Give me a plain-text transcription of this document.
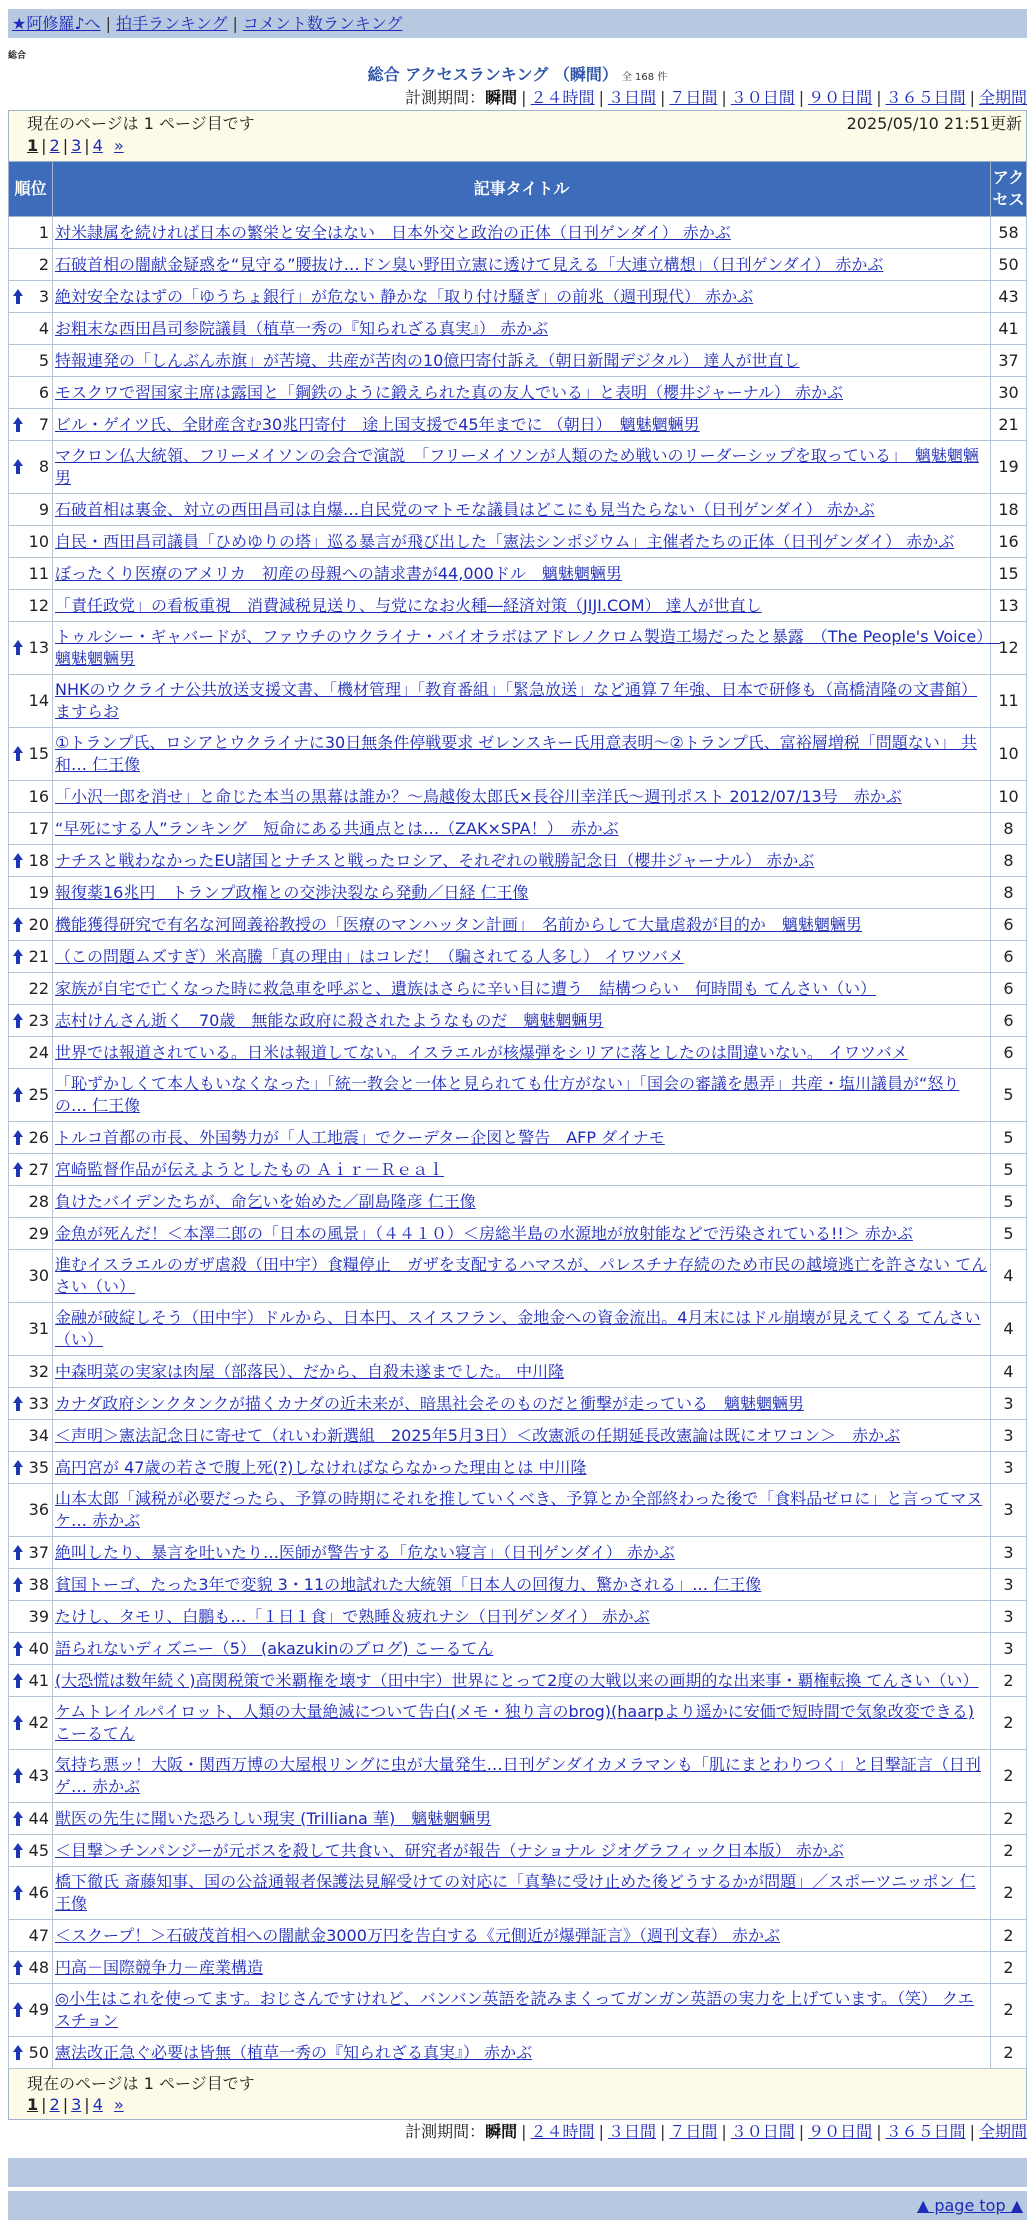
★阿修羅♪へ | 拍手ランキング | コメント数ランキング
総合
総合 アクセスランキング （瞬間） 全 168 件
計測期間：瞬間 | ２４時間 | ３日間 | ７日間 | ３０日間 | ９０日間 | ３６５日間 | 全期間
現在のページは 1 ページ目です	2025/05/10 21:51更新
1 | 2 | 3 | 4 »
順位	記事タイトル	アクセス
1	対米隷属を続ければ日本の繁栄と安全はない　日本外交と政治の正体（日刊ゲンダイ） 赤かぶ	58
2	石破首相の闇献金疑惑を“見守る”腰抜け…ドン臭い野田立憲に透けて見える「大連立構想」（日刊ゲンダイ） 赤かぶ	50

3	絶対安全なはずの「ゆうちょ銀行」が危ない 静かな「取り付け騒ぎ」の前兆（週刊現代） 赤かぶ	43
4	お粗末な西田昌司参院議員（植草一秀の『知られざる真実』） 赤かぶ	41
5	特報連発の「しんぶん赤旗」が苦境、共産が苦肉の10億円寄付訴え（朝日新聞デジタル） 達人が世直し	37
6	モスクワで習国家主席は露国と「鋼鉄のように鍛えられた真の友人でいる」と表明（櫻井ジャーナル） 赤かぶ	30

7	ビル・ゲイツ氏、全財産含む30兆円寄付　途上国支援で45年までに （朝日）　魑魅魍魎男	21

8	マクロン仏大統領、フリーメイソンの会合で演説　「フリーメイソンが人類のため戦いのリーダーシップを取っている」　魑魅魍魎男	19
9	石破首相は裏金、対立の西田昌司は自爆…自民党のマトモな議員はどこにも見当たらない（日刊ゲンダイ） 赤かぶ	18
10	自民・西田昌司議員「ひめゆりの塔」巡る暴言が飛び出した「憲法シンポジウム」主催者たちの正体（日刊ゲンダイ） 赤かぶ	16
11	ぼったくり医療のアメリカ　初産の母親への請求書が44,000ドル　魑魅魍魎男	15
12	「責任政党」の看板重視　消費減税見送り、与党になお火種―経済対策（JIJI.COM） 達人が世直し	13

13	トゥルシー・ギャバードが、ファウチのウクライナ・バイオラボはアドレノクロム製造工場だったと暴露　（The People's Voice）　魑魅魍魎男	12
14	NHKのウクライナ公共放送支援文書、「機材管理」「教育番組」「緊急放送」など通算７年強、日本で研修も（高橋清隆の文書館） ますらお	11

15	①トランプ氏、ロシアとウクライナに30日無条件停戦要求 ゼレンスキー氏用意表明～②トランプ氏、富裕層増税「問題ない」 共和… 仁王像	10
16	「小沢一郎を消せ」と命じた本当の黒幕は誰か？～鳥越俊太郎氏×長谷川幸洋氏～週刊ポスト 2012/07/13号　赤かぶ	10
17	“早死にする人”ランキング　短命にある共通点とは…（ZAK×SPA！）　赤かぶ	8

18	ナチスと戦わなかったEU諸国とナチスと戦ったロシア、それぞれの戦勝記念日（櫻井ジャーナル） 赤かぶ	8
19	報復薬16兆円　トランプ政権との交渉決裂なら発動／日経 仁王像	8

20	機能獲得研究で有名な河岡義裕教授の「医療のマンハッタン計画」　名前からして大量虐殺が目的か　魑魅魍魎男	6

21	（この問題ムズすぎ）米高騰「真の理由」はコレだ！（騙されてる人多し） イワツバメ	6
22	家族が自宅で亡くなった時に救急車を呼ぶと、遺族はさらに辛い目に遭う　結構つらい　何時間も てんさい（い）	6

23	志村けんさん逝く　70歳　無能な政府に殺されたようなものだ　魑魅魍魎男	6
24	世界では報道されている。日米は報道してない。イスラエルが核爆弾をシリアに落としたのは間違いない。 イワツバメ	6

25	「恥ずかしくて本人もいなくなった」「統一教会と一体と見られても仕方がない」「国会の審議を愚弄」共産・塩川議員が“怒りの… 仁王像	5

26	トルコ首都の市長、外国勢力が「人工地震」でクーデター企図と警告　AFP ダイナモ	5

27	宮崎監督作品が伝えようとしたもの Ａｉｒ－Ｒｅａｌ	5
28	負けたバイデンたちが、命乞いを始めた／副島隆彦 仁王像	5
29	金魚が死んだ！＜本澤二郎の「日本の風景」（４４１０）＜房総半島の水源地が放射能などで汚染されている!!＞ 赤かぶ	5
30	進むイスラエルのガザ虐殺（田中宇）食糧停止　ガザを支配するハマスが、パレスチナ存続のため市民の越境逃亡を許さない てんさい（い）	4
31	金融が破綻しそう（田中宇）ドルから、日本円、スイスフラン、金地金への資金流出。4月末にはドル崩壊が見えてくる てんさい（い）	4
32	中森明菜の実家は肉屋（部落民）、だから、自殺未遂までした。 中川隆	4

33	カナダ政府シンクタンクが描くカナダの近未来が、暗黒社会そのものだと衝撃が走っている　魑魅魍魎男	3
34	＜声明＞憲法記念日に寄せて（れいわ新選組　2025年5月3日）＜改憲派の任期延長改憲論は既にオワコン＞　赤かぶ	3

35	高円宮が 47歳の若さで腹上死(?)しなければならなかった理由とは 中川隆	3
36	山本太郎「減税が必要だったら、予算の時期にそれを推していくべき、予算とか全部終わった後で「食料品ゼロに」と言ってマヌケ… 赤かぶ	3

37	絶叫したり、暴言を吐いたり…医師が警告する「危ない寝言」（日刊ゲンダイ） 赤かぶ	3

38	貧国トーゴ、たった3年で変貌 3・11の地試れた大統領「日本人の回復力、驚かされる」… 仁王像	3
39	たけし、タモリ、白鵬も…「１日１食」で熟睡＆疲れナシ（日刊ゲンダイ） 赤かぶ	3

40	語られないディズニー（5） (akazukinのブログ) こーるてん	3

41	(大恐慌は数年続く)高関税策で米覇権を壊す（田中宇）世界にとって2度の大戦以来の画期的な出来事・覇権転換 てんさい（い）	2

42	ケムトレイルパイロット、人類の大量絶滅について告白(メモ・独り言のbrog)(haarpより遥かに安価で短時間で気象改変できる) こーるてん	2

43	気持ち悪ッ！大阪・関西万博の大屋根リングに虫が大量発生…日刊ゲンダイカメラマンも「肌にまとわりつく」と目撃証言（日刊ゲ… 赤かぶ	2

44	獣医の先生に聞いた恐ろしい現実 (Trilliana 華)　魑魅魍魎男	2

45	＜目撃＞チンパンジーが元ボスを殺して共食い、研究者が報告（ナショナル ジオグラフィック日本版） 赤かぶ	2

46	橋下徹氏 斎藤知事、国の公益通報者保護法見解受けての対応に「真摯に受け止めた後どうするかが問題」／スポーツニッポン 仁王像	2
47	＜スクープ！＞石破茂首相への闇献金3000万円を告白する《元側近が爆弾証言》（週刊文春） 赤かぶ	2

48	円高－国際競争力－産業構造	2

49	◎小生はこれを使ってます。おじさんですけれど、バンバン英語を読みまくってガンガン英語の実力を上げています。（笑） クエスチョン	2

50	憲法改正急ぐ必要は皆無（植草一秀の『知られざる真実』） 赤かぶ	2
現在のページは 1 ページ目です
1 | 2 | 3 | 4 »
計測期間：瞬間 | ２４時間 | ３日間 | ７日間 | ３０日間 | ９０日間 | ３６５日間 | 全期間
▲ page top ▲
